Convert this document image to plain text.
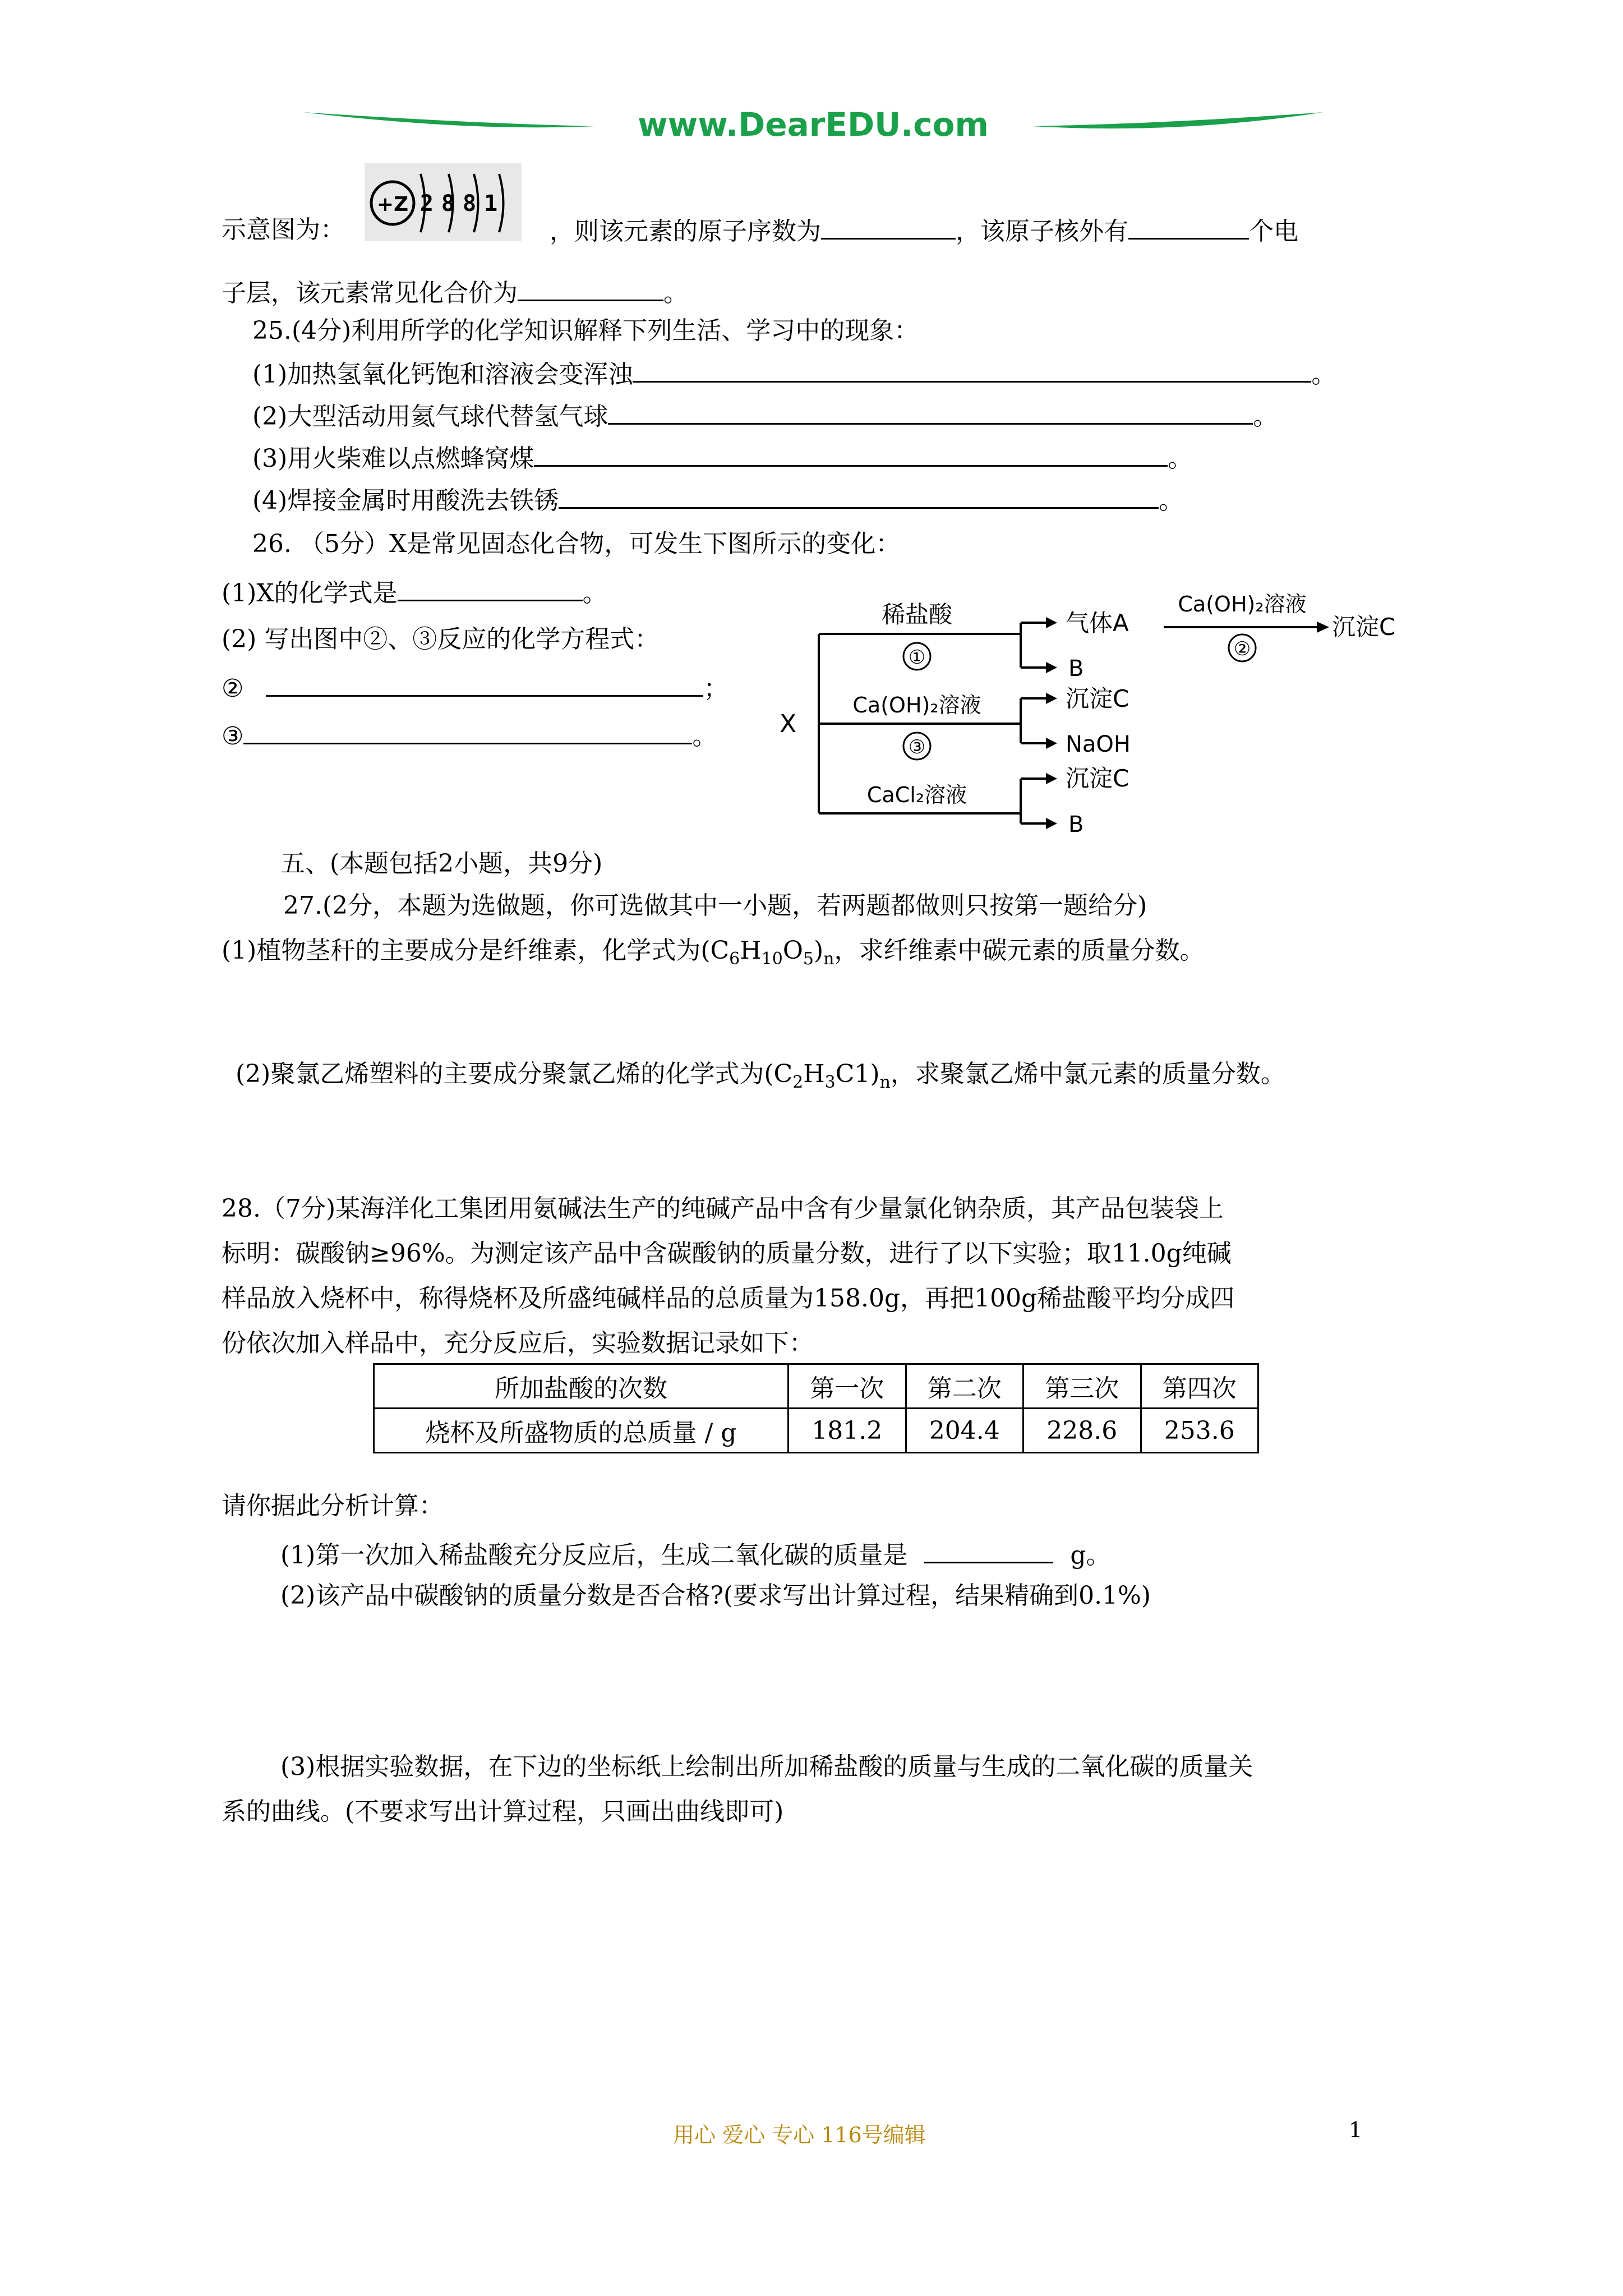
www.DearEDU.com
示意图为：
+Z 2881
，则该元素的原子序数为	，该原子核外有	个电
子层，该元素常见化合价为	。
25.(4分)利用所学的化学知识解释下列生活、学习中的现象：
(1)加热氢氧化钙饱和溶液会变浑浊	。
(2)大型活动用氦气球代替氢气球	。
(3)用火柴难以点燃蜂窝煤	。
(4)焊接金属时用酸洗去铁锈	。
26. （5分）X是常见固态化合物，可发生下图所示的变化：
(1)X的化学式是	。
(2) 写出图中②、③反应的化学方程式：
②	；
③	。	X
稀盐酸
①
气体A
Ca(OH)₂溶液
②
沉淀C
B
Ca(OH)₂溶液
③
沉淀C
NaOH
CaCl₂溶液
沉淀C
B
五、(本题包括2小题，共9分)
27.(2分，本题为选做题，你可选做其中一小题，若两题都做则只按第一题给分)
(1)植物茎秆的主要成分是纤维素，化学式为$(C_6H_{10}O_5)_n$，求纤维素中碳元素的质量分数。
(2)聚氯乙烯塑料的主要成分聚氯乙烯的化学式为$(C_2H_3C1)_n$，求聚氯乙烯中氯元素的质量分数。
28.（7分)某海洋化工集团用氨碱法生产的纯碱产品中含有少量氯化钠杂质，其产品包装袋上
标明：碳酸钠≥96%。为测定该产品中含碳酸钠的质量分数，进行了以下实验；取11.0g纯碱
样品放入烧杯中，称得烧杯及所盛纯碱样品的总质量为158.0g，再把100g稀盐酸平均分成四
份依次加入样品中，充分反应后，实验数据记录如下：
所加盐酸的次数	第一次	第二次	第三次	第四次
烧杯及所盛物质的总质量 / g	181.2	204.4	228.6	253.6
请你据此分析计算：
(1)第一次加入稀盐酸充分反应后，生成二氧化碳的质量是	g。
(2)该产品中碳酸钠的质量分数是否合格?(要求写出计算过程，结果精确到0.1%)
(3)根据实验数据，在下边的坐标纸上绘制出所加稀盐酸的质量与生成的二氧化碳的质量关
系的曲线。(不要求写出计算过程，只画出曲线即可)
用心 爱心 专心 116号编辑	1
